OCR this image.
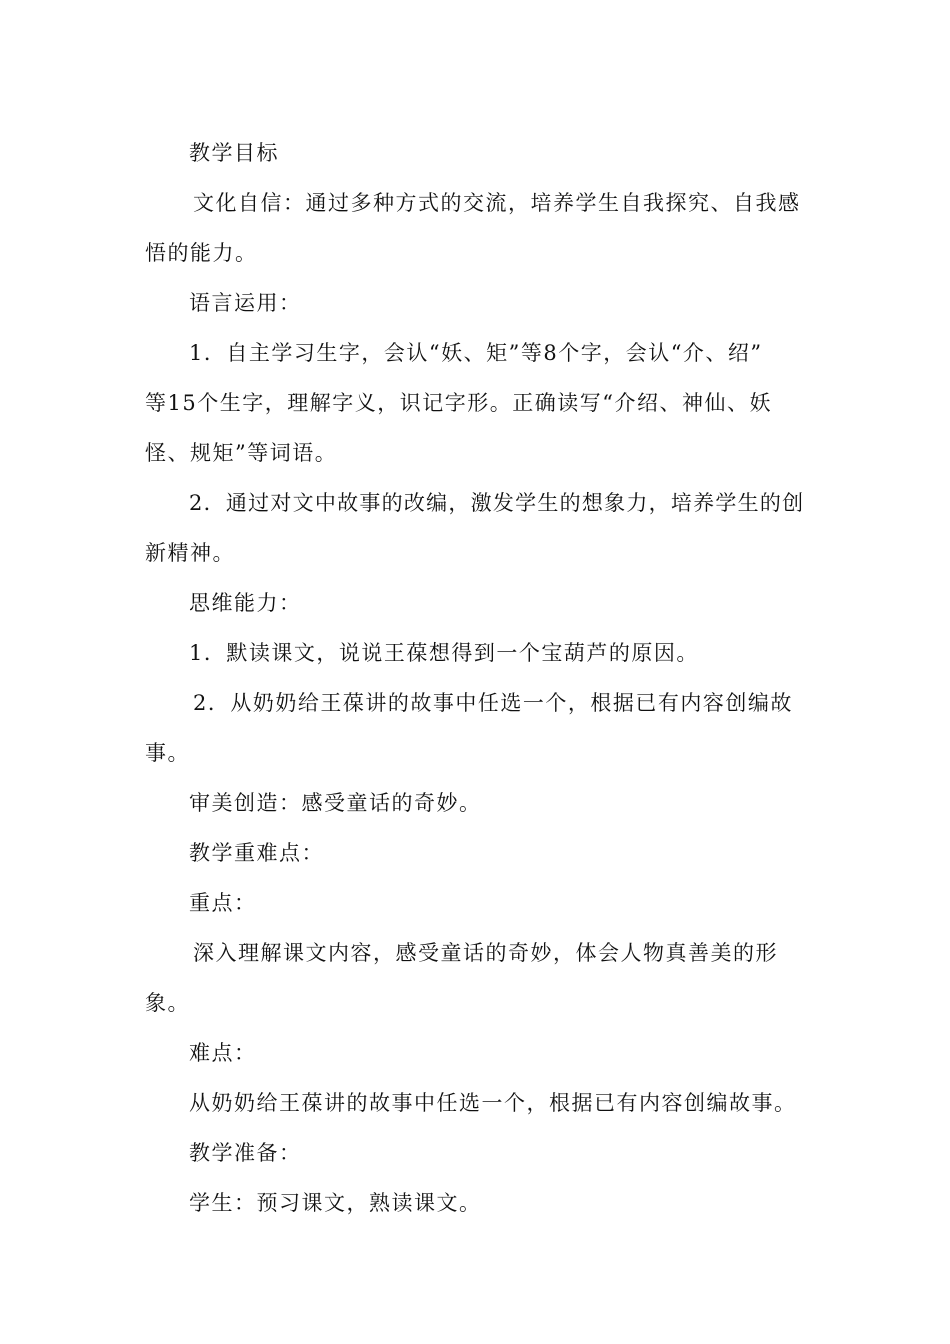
教学目标
文化自信：通过多种方式的交流，培养学生自我探究、自我感
悟的能力。
语言运用：
1．自主学习生字，会认“妖、矩”等8个字，会认“介、绍”
等15个生字，理解字义，识记字形。正确读写“介绍、神仙、妖
怪、规矩”等词语。
2．通过对文中故事的改编，激发学生的想象力，培养学生的创
新精神。
思维能力：
1．默读课文，说说王葆想得到一个宝葫芦的原因。
2．从奶奶给王葆讲的故事中任选一个，根据已有内容创编故
事。
审美创造：感受童话的奇妙。
教学重难点：
重点：
深入理解课文内容，感受童话的奇妙，体会人物真善美的形
象。
难点：
从奶奶给王葆讲的故事中任选一个，根据已有内容创编故事。
教学准备：
学生：预习课文，熟读课文。
